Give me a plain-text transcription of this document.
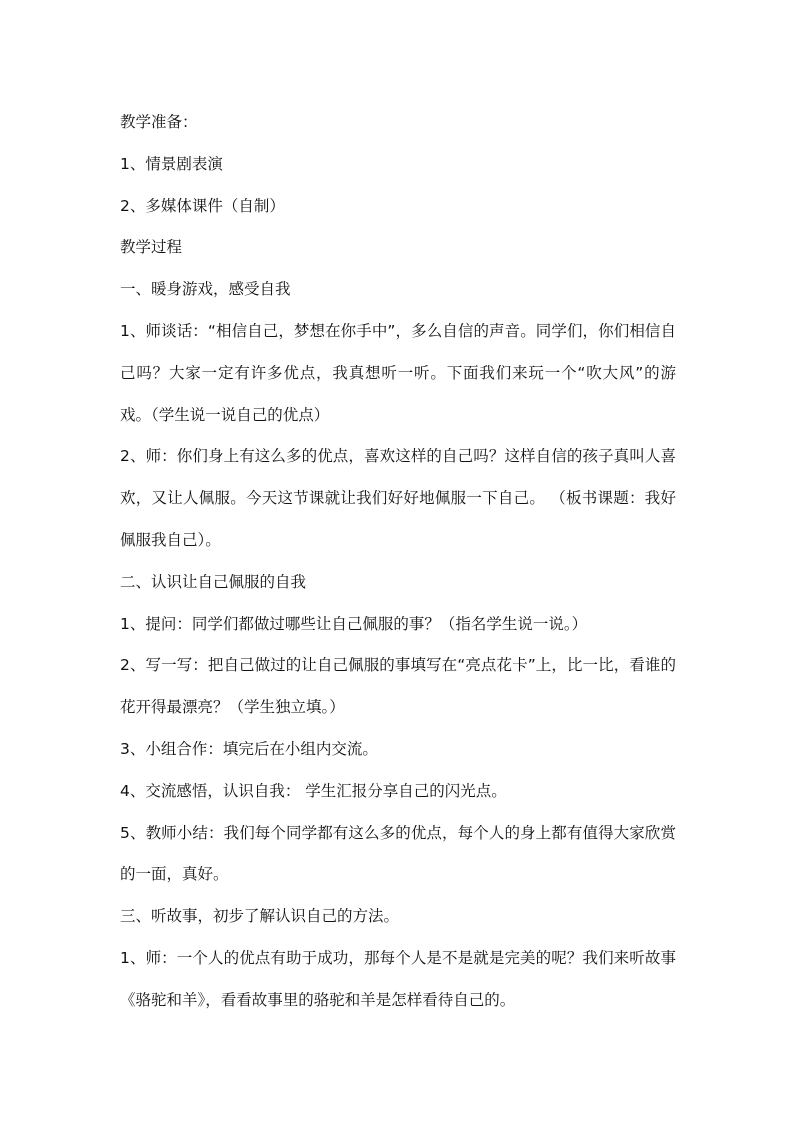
教学准备：

1、情景剧表演

2、多媒体课件（自制）

教学过程

一、暖身游戏，感受自我

1、师谈话：“相信自己，梦想在你手中”，多么自信的声音。同学们，你们相信自己吗？大家一定有许多优点，我真想听一听。下面我们来玩一个“吹大风”的游戏。（学生说一说自己的优点）

2、师：你们身上有这么多的优点，喜欢这样的自己吗？这样自信的孩子真叫人喜欢，又让人佩服。今天这节课就让我们好好地佩服一下自己。 （板书课题：我好佩服我自己）。

二、认识让自己佩服的自我

1、提问：同学们都做过哪些让自己佩服的事？（指名学生说一说。）

2、写一写：把自己做过的让自己佩服的事填写在“亮点花卡”上，比一比，看谁的花开得最漂亮？（学生独立填。）

3、小组合作：填完后在小组内交流。

4、交流感悟，认识自我： 学生汇报分享自己的闪光点。

5、教师小结：我们每个同学都有这么多的优点，每个人的身上都有值得大家欣赏的一面，真好。

三、听故事，初步了解认识自己的方法。

1、师：一个人的优点有助于成功，那每个人是不是就是完美的呢？我们来听故事《骆驼和羊》，看看故事里的骆驼和羊是怎样看待自己的。
